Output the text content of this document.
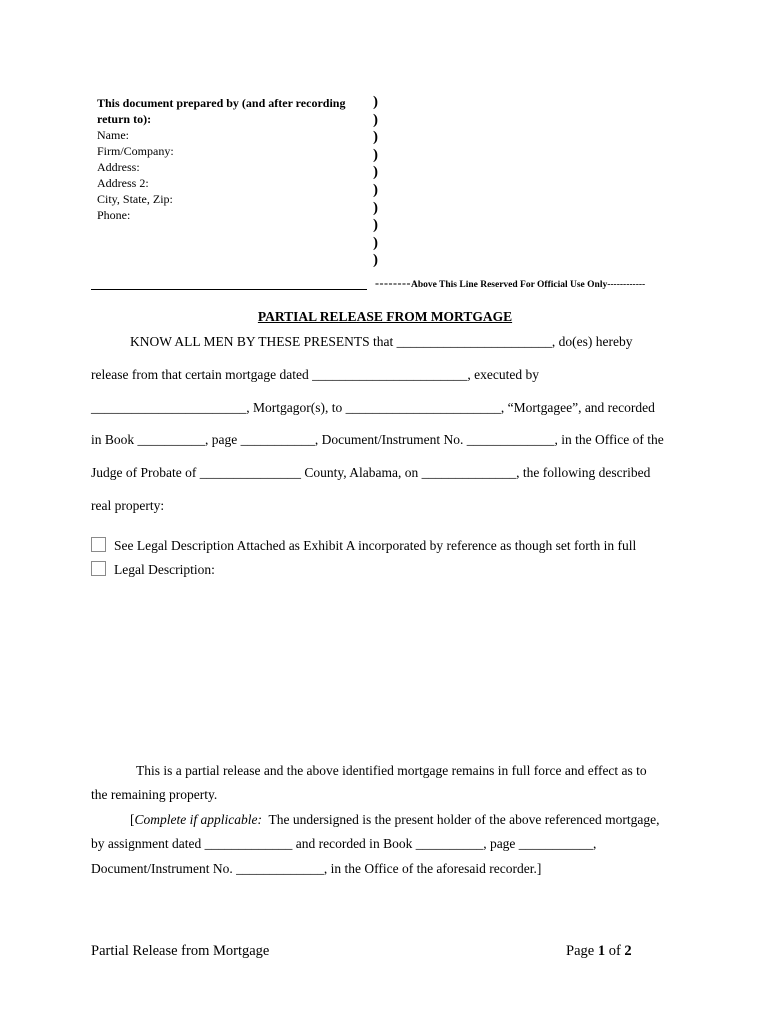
This document prepared by (and after recording return to):
Name:
Firm/Company:
Address:
Address 2:
City, State, Zip:
Phone:
)
)
)
)
)
)
)
)
)
)
--------Above This Line Reserved For Official Use Only------------
PARTIAL RELEASE FROM MORTGAGE
KNOW ALL MEN BY THESE PRESENTS that _______________________, do(es) hereby
release from that certain mortgage dated _______________________, executed by
_______________________, Mortgagor(s), to _______________________, “Mortgagee”, and recorded
in Book __________, page ___________, Document/Instrument No. _____________, in the Office of the
Judge of Probate of _______________ County, Alabama, on ______________, the following described
real property:
See Legal Description Attached as Exhibit A incorporated by reference as though set forth in full
Legal Description:
This is a partial release and the above identified mortgage remains in full force and effect as to
the remaining property.
[Complete if applicable:  The undersigned is the present holder of the above referenced mortgage,
by assignment dated _____________ and recorded in Book __________, page ___________,
Document/Instrument No. _____________, in the Office of the aforesaid recorder.]
Partial Release from Mortgage	Page 1 of 2
